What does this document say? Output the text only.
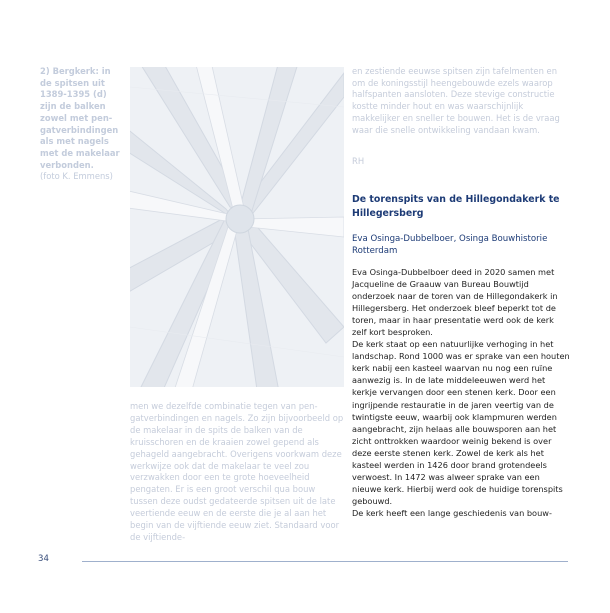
2) Bergkerk: in de spitsen uit 1389-1395 (d) zijn de balken zowel met pen-gatverbindingen als met nagels met de makelaar verbonden.
(foto K. Emmens)
men we dezelfde combinatie tegen van pen-gatverbindingen en nagels. Zo zijn bijvoorbeeld op de makelaar in de spits de balken van de kruisschoren en de kraaien zowel gepend als gehageld aangebracht. Overigens voorkwam deze werkwijze ook dat de makelaar te veel zou verzwakken door een te grote hoeveelheid pengaten. Er is een groot verschil qua bouw tussen deze oudst gedateerde spitsen uit de late veertiende eeuw en de eerste die je al aan het begin van de vijftiende eeuw ziet. Standaard voor de vijftiende-
en zestiende eeuwse spitsen zijn tafelmenten en om de koningsstijl heengebouwde ezels waarop halfspanten aansloten. Deze stevige constructie kostte minder hout en was waarschijnlijk makkelijker en sneller te bouwen. Het is de vraag waar die snelle ontwikkeling vandaan kwam.
RH
De torenspits van de Hillegondakerk te Hillegersberg
Eva Osinga-Dubbelboer, Osinga Bouwhistorie Rotterdam

Eva Osinga-Dubbelboer deed in 2020 samen met Jacqueline de Graauw van Bureau Bouwtijd onderzoek naar de toren van de Hillegondakerk in Hillegersberg. Het onderzoek bleef beperkt tot de toren, maar in haar presentatie werd ook de kerk zelf kort besproken.

De kerk staat op een natuurlijke verhoging in het landschap. Rond 1000 was er sprake van een houten kerk nabij een kasteel waarvan nu nog een ruïne aanwezig is. In de late middeleeuwen werd het kerkje vervangen door een stenen kerk. Door een ingrijpende restauratie in de jaren veertig van de twintigste eeuw, waarbij ook klampmuren werden aangebracht, zijn helaas alle bouwsporen aan het zicht onttrokken waardoor weinig bekend is over deze eerste stenen kerk. Zowel de kerk als het kasteel werden in 1426 door brand grotendeels verwoest. In 1472 was alweer sprake van een nieuwe kerk. Hierbij werd ook de huidige torenspits gebouwd.

De kerk heeft een lange geschiedenis van bouw-

34
